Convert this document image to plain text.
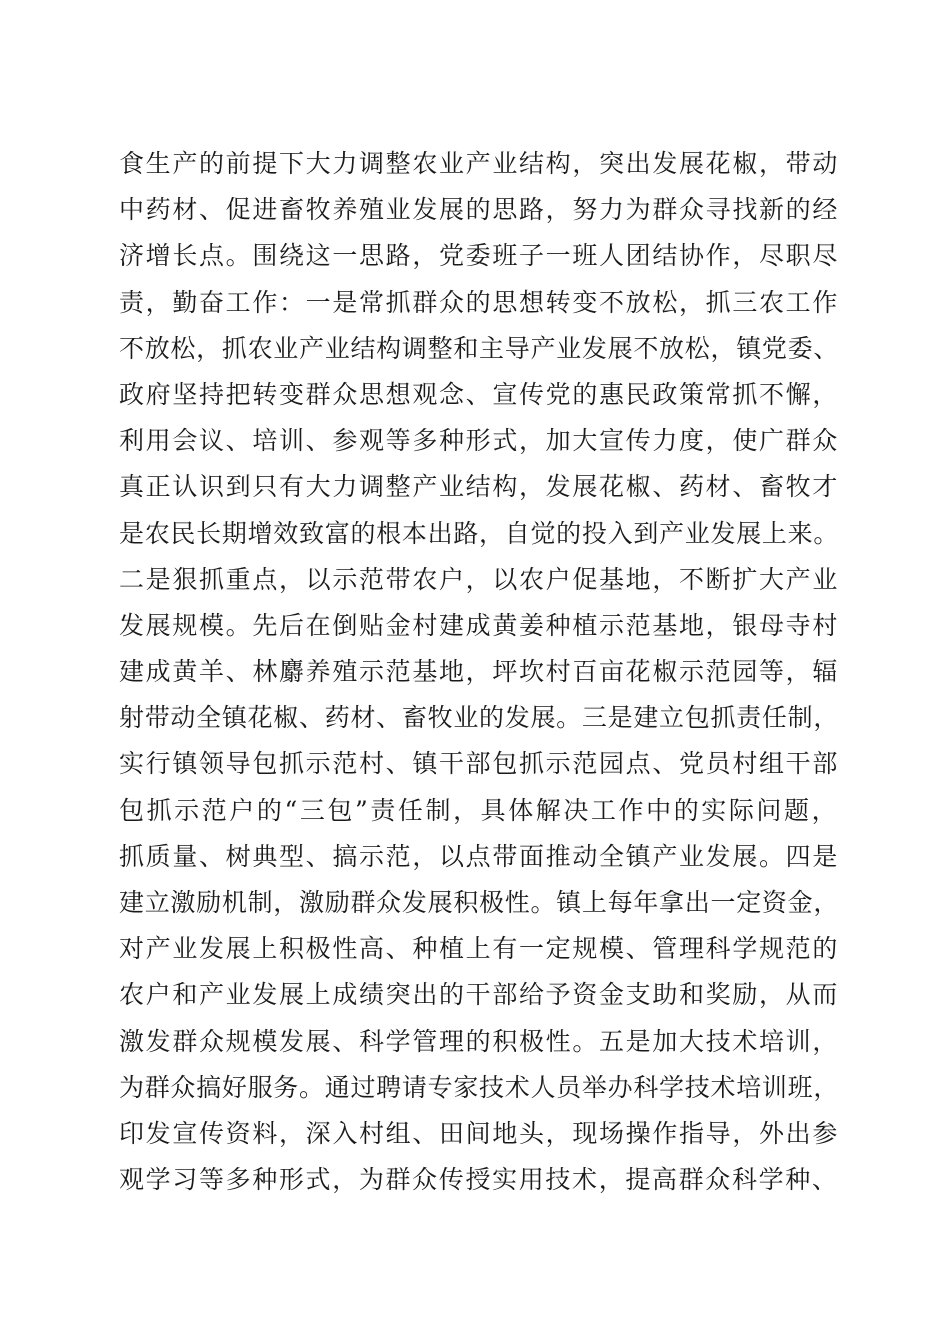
食生产的前提下大力调整农业产业结构，突出发展花椒，带动
中药材、促进畜牧养殖业发展的思路，努力为群众寻找新的经
济增长点。围绕这一思路，党委班子一班人团结协作，尽职尽
责，勤奋工作：一是常抓群众的思想转变不放松，抓三农工作
不放松，抓农业产业结构调整和主导产业发展不放松，镇党委、
政府坚持把转变群众思想观念、宣传党的惠民政策常抓不懈，
利用会议、培训、参观等多种形式，加大宣传力度，使广群众
真正认识到只有大力调整产业结构，发展花椒、药材、畜牧才
是农民长期增效致富的根本出路，自觉的投入到产业发展上来。
二是狠抓重点，以示范带农户，以农户促基地，不断扩大产业
发展规模。先后在倒贴金村建成黄姜种植示范基地，银母寺村
建成黄羊、林麝养殖示范基地，坪坎村百亩花椒示范园等，辐
射带动全镇花椒、药材、畜牧业的发展。三是建立包抓责任制，
实行镇领导包抓示范村、镇干部包抓示范园点、党员村组干部
包抓示范户的“三包”责任制，具体解决工作中的实际问题，
抓质量、树典型、搞示范，以点带面推动全镇产业发展。四是
建立激励机制，激励群众发展积极性。镇上每年拿出一定资金，
对产业发展上积极性高、种植上有一定规模、管理科学规范的
农户和产业发展上成绩突出的干部给予资金支助和奖励，从而
激发群众规模发展、科学管理的积极性。五是加大技术培训，
为群众搞好服务。通过聘请专家技术人员举办科学技术培训班，
印发宣传资料，深入村组、田间地头，现场操作指导，外出参
观学习等多种形式，为群众传授实用技术，提高群众科学种、
